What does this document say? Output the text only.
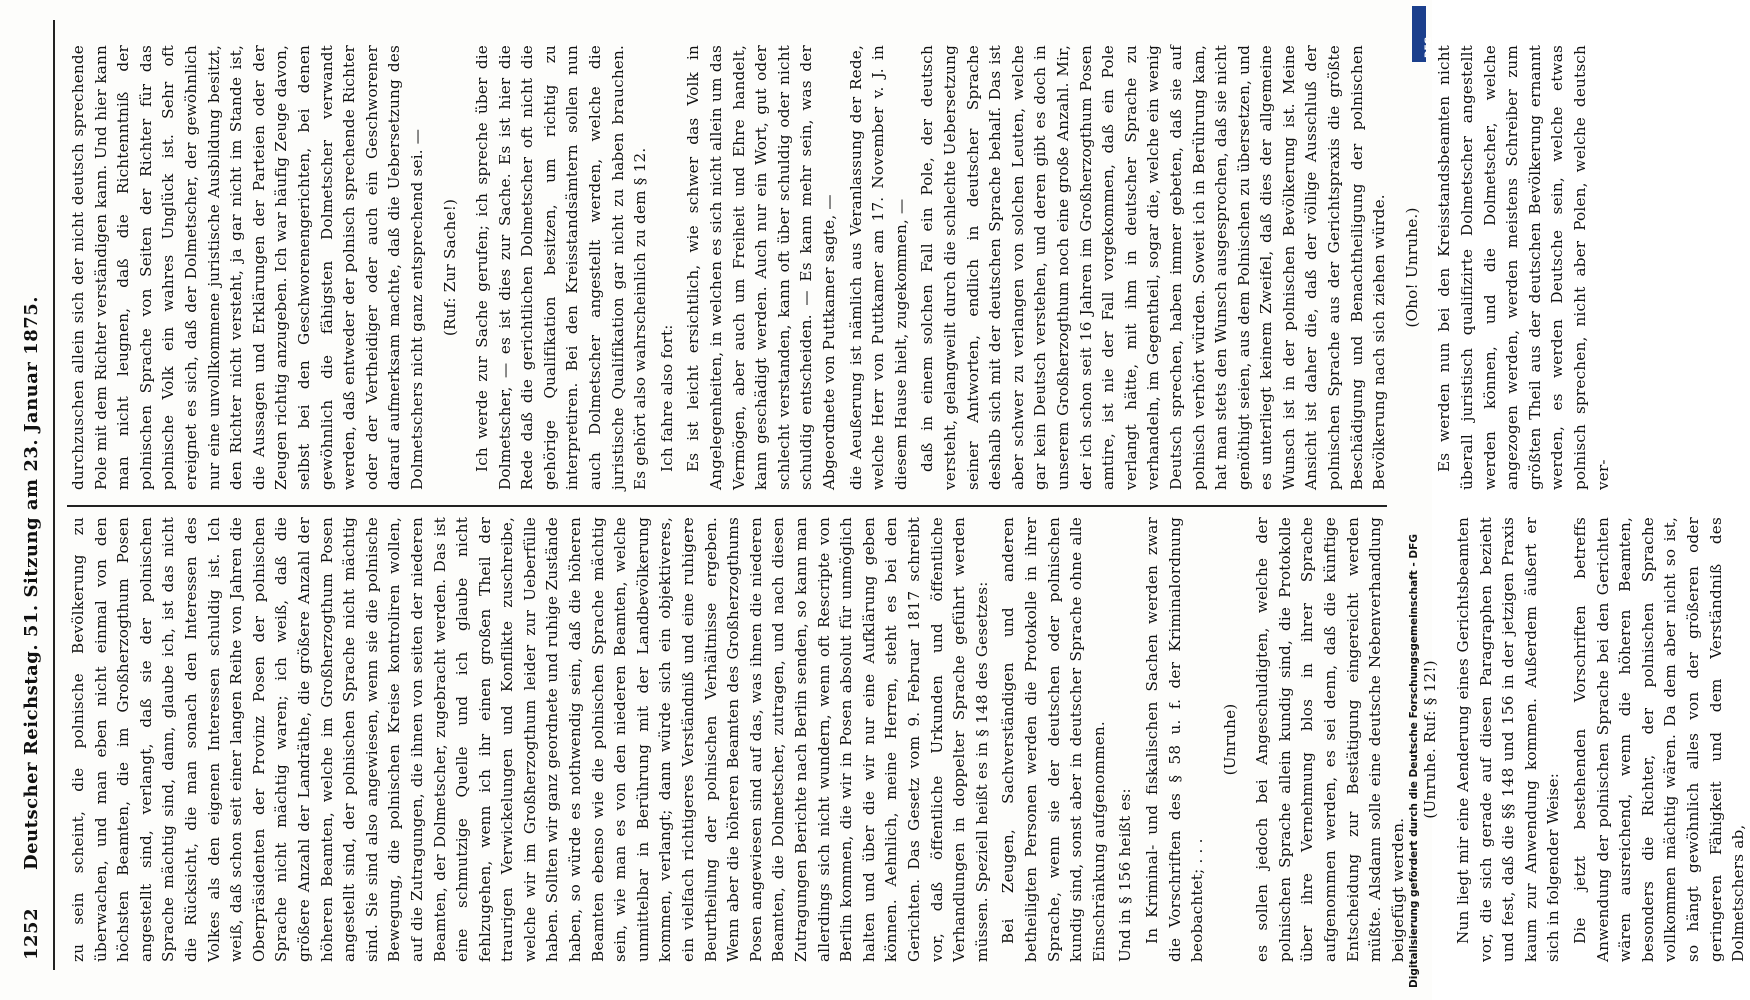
1252
Deutscher Reichstag. 51. Sitzung am 23. Januar 1875. zu sein scheint, die polnische Bevölkerung zu überwachen, und man eben nicht einmal von den höchsten Beamten, die im Großherzogthum Posen angestellt sind, verlangt, daß sie der polnischen Sprache mächtig sind, dann, glaube ich, ist das nicht die Rücksicht, die man sonach den Interessen des Volkes als den eigenen Interessen schuldig ist. Ich weiß, daß schon seit einer langen Reihe von Jahren die Oberpräsidenten der Provinz Posen der polnischen Sprache nicht mächtig waren; ich weiß, daß die größere Anzahl der Landräthe, die größere Anzahl der höheren Beamten, welche im Großherzogthum Posen angestellt sind, der polnischen Sprache nicht mächtig sind. Sie sind also angewiesen, wenn sie die polnische Bewegung, die polnischen Kreise kontroliren wollen, auf die Zutragungen, die ihnen von seiten der niederen Beamten, der Dolmetscher, zugebracht werden. Das ist eine schmutzige Quelle und ich glaube nicht fehlzugehen, wenn ich ihr einen großen Theil der traurigen Verwickelungen und Konflikte zuschreibe, welche wir im Großherzogthum leider zur Ueberfülle haben. Sollten wir ganz geordnete und ruhige Zustände haben, so würde es nothwendig sein, daß die höheren Beamten ebenso wie die polnischen Sprache mächtig sein, wie man es von den niederen Beamten, welche unmittelbar in Berührung mit der Landbevölkerung kommen, verlangt; dann würde sich ein objektiveres, ein vielfach richtigeres Verständniß und eine ruhigere Beurtheilung der polnischen Verhältnisse ergeben. Wenn aber die höheren Beamten des Großherzogthums Posen angewiesen sind auf das, was ihnen die niederen Beamten, die Dolmetscher, zutragen, und nach diesen Zutragungen Berichte nach Berlin senden, so kann man allerdings sich nicht wundern, wenn oft Rescripte von Berlin kommen, die wir in Posen absolut für unmöglich halten und über die wir nur eine Aufklärung geben können. Aehnlich, meine Herren, steht es bei den Gerichten. Das Gesetz vom 9. Februar 1817 schreibt vor, daß öffentliche Urkunden und öffentliche Verhandlungen in doppelter Sprache geführt werden müssen. Speziell heißt es in § 148 des Gesetzes: Bei Zeugen, Sachverständigen und anderen betheiligten Personen werden die Protokolle in ihrer Sprache, wenn sie der deutschen oder polnischen kundig sind, sonst aber in deutscher Sprache ohne alle Einschränkung aufgenommen. Und in § 156 heißt es: In Kriminal- und fiskalischen Sachen werden zwar die Vorschriften des § 58 u. f. der Kriminalordnung beobachtet; . . .

(Unruhe) es sollen jedoch bei Angeschuldigten, welche der polnischen Sprache allein kundig sind, die Protokolle über ihre Vernehmung blos in ihrer Sprache aufgenommen werden, es sei denn, daß die künftige Entscheidung zur Bestätigung eingereicht werden müßte. Alsdann solle eine deutsche Nebenverhandlung beigefügt werden.

(Unruhe. Ruf: § 12!) Nun liegt mir eine Aenderung eines Gerichtsbeamten vor, die sich gerade auf diesen Paragraphen bezieht und fest, daß die §§ 148 und 156 in der jetzigen Praxis kaum zur Anwendung kommen. Außerdem äußert er sich in folgender Weise: Die jetzt bestehenden Vorschriften betreffs Anwendung der polnischen Sprache bei den Gerichten wären ausreichend, wenn die höheren Beamten, besonders die Richter, der polnischen Sprache vollkommen mächtig wären. Da dem aber nicht so ist, so hängt gewöhnlich alles von der größeren oder geringeren Fähigkeit und dem Verständniß des Dolmetschers ab,

durchzuschen allein sich der nicht deutsch sprechende Pole mit dem Richter verständigen kann. Und hier kann man nicht leugnen, daß die Richtenntniß der polnischen Sprache von Seiten der Richter für das polnische Volk ein wahres Unglück ist. Sehr oft ereignet es sich, daß der Dolmetscher, der gewöhnlich nur eine unvollkommene juristische Ausbildung besitzt, den Richter nicht versteht, ja gar nicht im Stande ist, die Aussagen und Erklärungen der Parteien oder der Zeugen richtig anzugeben. Ich war häufig Zeuge davon, selbst bei den Geschworenengerichten, bei denen gewöhnlich die fähigsten Dolmetscher verwandt werden, daß entweder der polnisch sprechende Richter oder der Vertheidiger oder auch ein Geschworener darauf aufmerksam machte, daß die Uebersetzung des Dolmetschers nicht ganz entsprechend sei. — (Ruf: Zur Sache!) Ich werde zur Sache gerufen; ich spreche über die Dolmetscher, — es ist dies zur Sache. Es ist hier die Rede daß die gerichtlichen Dolmetscher oft nicht die gehörige Qualifikation besitzen, um richtig zu interpretiren. Bei den Kreisstandsämtern sollen nun auch Dolmetscher angestellt werden, welche die juristische Qualifikation gar nicht zu haben brauchen. Es gehört also wahrscheinlich zu dem § 12. Ich fahre also fort: Es ist leicht ersichtlich, wie schwer das Volk in Angelegenheiten, in welchen es sich nicht allein um das Vermögen, aber auch um Freiheit und Ehre handelt, kann geschädigt werden. Auch nur ein Wort, gut oder schlecht verstanden, kann oft über schuldig oder nicht schuldig entscheiden. — Es kann mehr sein, was der Abgeordnete von Puttkamer sagte, — die Aeußerung ist nämlich aus Veranlassung der Rede, welche Herr von Puttkamer am 17. November v. J. in diesem Hause hielt, zugekommen, — daß in einem solchen Fall ein Pole, der deutsch versteht, gelangweilt durch die schlechte Uebersetzung seiner Antworten, endlich in deutscher Sprache deshalb sich mit der deutschen Sprache behalf. Das ist aber schwer zu verlangen von solchen Leuten, welche gar kein Deutsch verstehen, und deren gibt es doch in unserem Großherzogthum noch eine große Anzahl. Mir, der ich schon seit 16 Jahren im Großherzogthum Posen amtire, ist nie der Fall vorgekommen, daß ein Pole verlangt hätte, mit ihm in deutscher Sprache zu verhandeln, im Gegentheil, sogar die, welche ein wenig Deutsch sprechen, haben immer gebeten, daß sie auf polnisch verhört würden. Soweit ich in Berührung kam, hat man stets den Wunsch ausgesprochen, daß sie nicht genöthigt seien, aus dem Polnischen zu übersetzen, und es unterliegt keinem Zweifel, daß dies der allgemeine Wunsch ist in der polnischen Bevölkerung ist. Meine Ansicht ist daher die, daß der völlige Ausschluß der polnischen Sprache aus der Gerichtspraxis die größte Beschädigung und Benachtheiligung der polnischen Bevölkerung nach sich ziehen würde. (Oho! Unruhe.) Es werden nun bei den Kreisstandsbeamten nicht überall juristisch qualifizirte Dolmetscher angestellt werden können, und die Dolmetscher, welche angezogen werden, werden meistens Schreiber zum größten Theil aus der deutschen Bevölkerung ernannt werden, es werden Deutsche sein, welche etwas polnisch sprechen, nicht aber Polen, welche deutsch ver-

DFG
Digitalisierung gefördert durch die Deutsche Forschungsgemeinschaft - DFG
